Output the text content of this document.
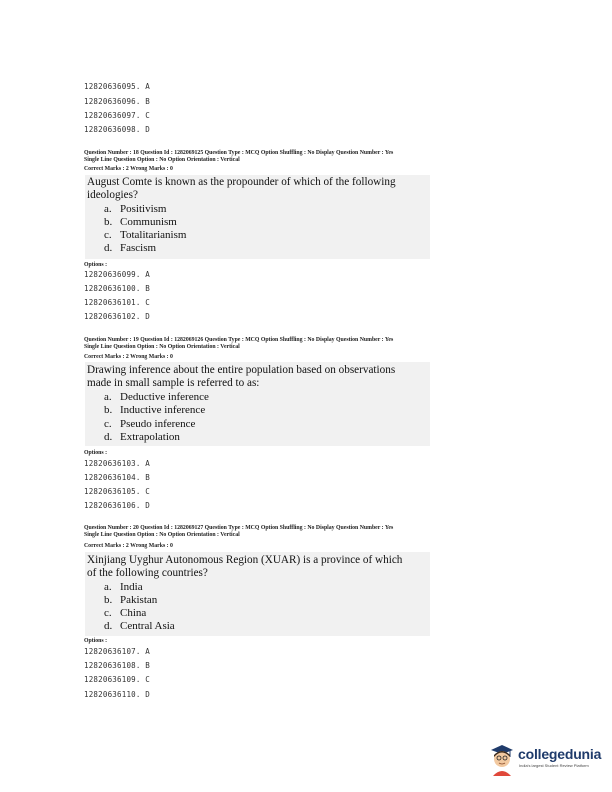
12820636095. A
12820636096. B
12820636097. C
12820636098. D
Question Number : 18 Question Id : 1282069125 Question Type : MCQ Option Shuffling : No Display Question Number : Yes
Single Line Question Option : No Option Orientation : Vertical
Correct Marks : 2 Wrong Marks : 0
August Comte is known as the propounder of which of the following
ideologies?
a. Positivism
b. Communism
c. Totalitarianism
d. Fascism
Options :
12820636099. A
12820636100. B
12820636101. C
12820636102. D
Question Number : 19 Question Id : 1282069126 Question Type : MCQ Option Shuffling : No Display Question Number : Yes
Single Line Question Option : No Option Orientation : Vertical
Correct Marks : 2 Wrong Marks : 0
Drawing inference about the entire population based on observations
made in small sample is referred to as:
a. Deductive inference
b. Inductive inference
c. Pseudo inference
d. Extrapolation
Options :
12820636103. A
12820636104. B
12820636105. C
12820636106. D
Question Number : 20 Question Id : 1282069127 Question Type : MCQ Option Shuffling : No Display Question Number : Yes
Single Line Question Option : No Option Orientation : Vertical
Correct Marks : 2 Wrong Marks : 0
Xinjiang Uyghur Autonomous Region (XUAR) is a province of which
of the following countries?
a. India
b. Pakistan
c. China
d. Central Asia
Options :
12820636107. A
12820636108. B
12820636109. C
12820636110. D
collegedunia
India's largest Student Review Platform
